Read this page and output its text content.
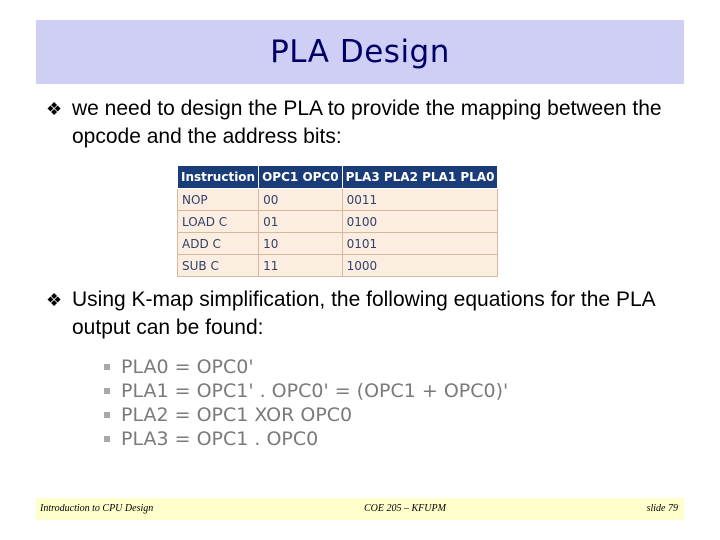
PLA Design
❖ we need to design the PLA to provide the mapping between the opcode and the address bits:
Instruction	OPC1 OPC0	PLA3 PLA2 PLA1 PLA0
NOP	00	0011
LOAD C	01	0100
ADD C	10	0101
SUB C	11	1000
❖ Using K-map simplification, the following equations for the PLA output can be found:
PLA0 = OPC0'
PLA1 = OPC1' . OPC0' = (OPC1 + OPC0)'
PLA2 = OPC1 XOR OPC0
PLA3 = OPC1 . OPC0
Introduction to CPU Design	COE 205 – KFUPM	slide 79
